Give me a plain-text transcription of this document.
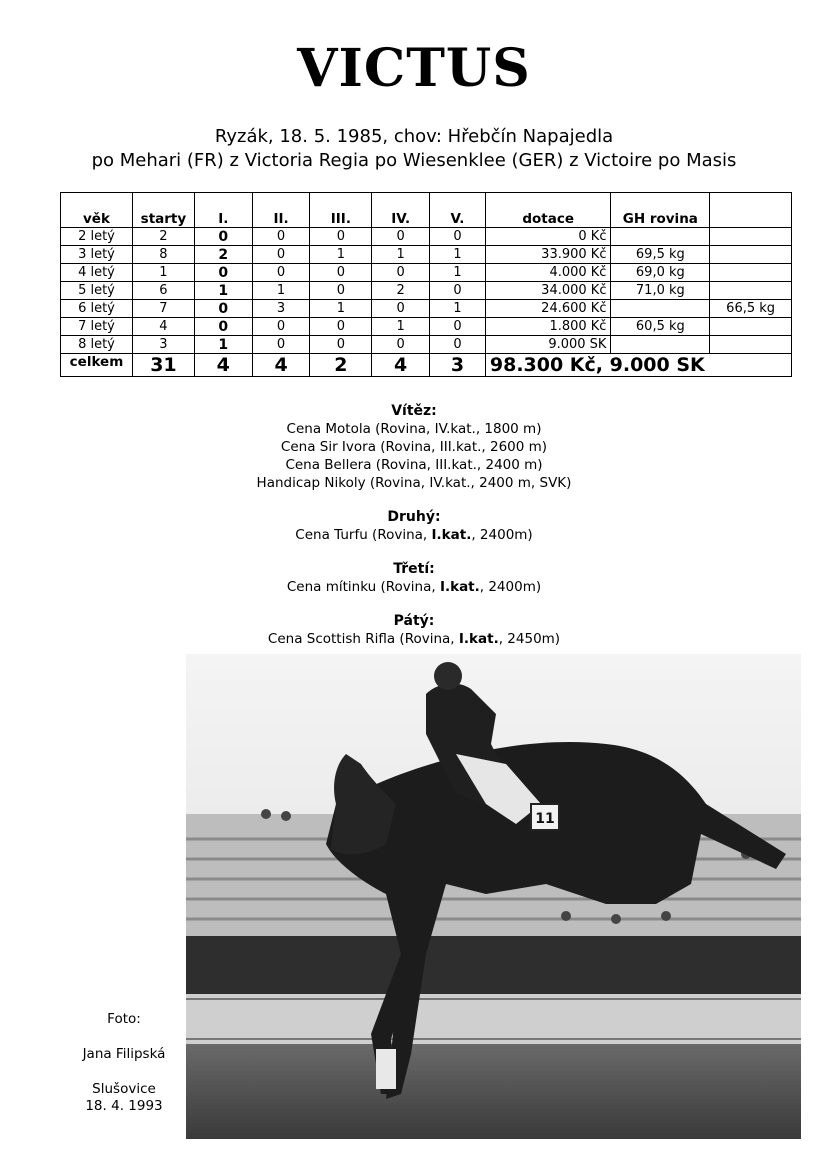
VICTUS

Ryzák, 18. 5. 1985, chov: Hřebčín Napajedla

po Mehari (FR) z Victoria Regia po Wiesenklee (GER) z Victoire po Masis

věk	starty	I.	II.	III.	IV.	V.	dotace	GH rovina	
2 letý	2	0	0	0	0	0	0 Kč		
3 letý	8	2	0	1	1	1	33.900 Kč	69,5 kg	
4 letý	1	0	0	0	0	1	4.000 Kč	69,0 kg	
5 letý	6	1	1	0	2	0	34.000 Kč	71,0 kg	
6 letý	7	0	3	1	0	1	24.600 Kč		66,5 kg
7 letý	4	0	0	0	1	0	1.800 Kč	60,5 kg	
8 letý	3	1	0	0	0	0	9.000 SK		
celkem	31	4	4	2	4	3	98.300 Kč, 9.000 SK		
Vítěz:
Cena Motola (Rovina, IV.kat., 1800 m)
Cena Sir Ivora (Rovina, III.kat., 2600 m)
Cena Bellera (Rovina, III.kat., 2400 m)
Handicap Nikoly (Rovina, IV.kat., 2400 m, SVK)
Druhý:
Cena Turfu (Rovina, I.kat., 2400m)
Třetí:
Cena mítinku (Rovina, I.kat., 2400m)
Pátý:
Cena Scottish Rifla (Rovina, I.kat., 2450m)
11
Foto:
Jana Filipská
Slušovice
18. 4. 1993
